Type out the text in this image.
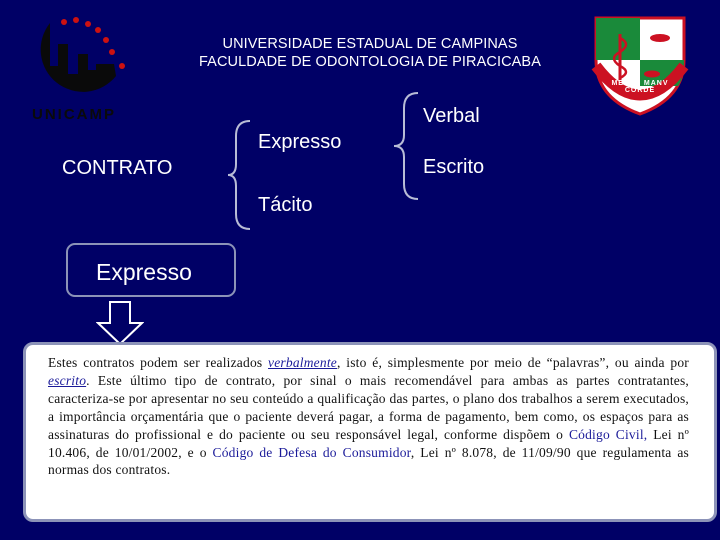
UNICAMP
UNIVERSIDADE ESTADUAL DE CAMPINAS
FACULDADE DE ODONTOLOGIA DE PIRACICABA
MENTE MANV CORDE
CONTRATO
Expresso
Tácito
Verbal
Escrito
Expresso
Estes contratos podem ser realizados verbalmente, isto é, simplesmente por meio de “palavras”, ou ainda por escrito. Este último tipo de contrato, por sinal o mais recomendável para ambas as partes contratantes, caracteriza-se por apresentar no seu conteúdo a qualificação das partes, o plano dos trabalhos a serem executados, a importância orçamentária que o paciente deverá pagar, a forma de pagamento, bem como, os espaços para as assinaturas do profissional e do paciente ou seu responsável legal, conforme dispõem o Código Civil, Lei nº 10.406, de 10/01/2002, e o Código de Defesa do Consumidor, Lei nº 8.078, de 11/09/90 que regulamenta as normas dos contratos.
